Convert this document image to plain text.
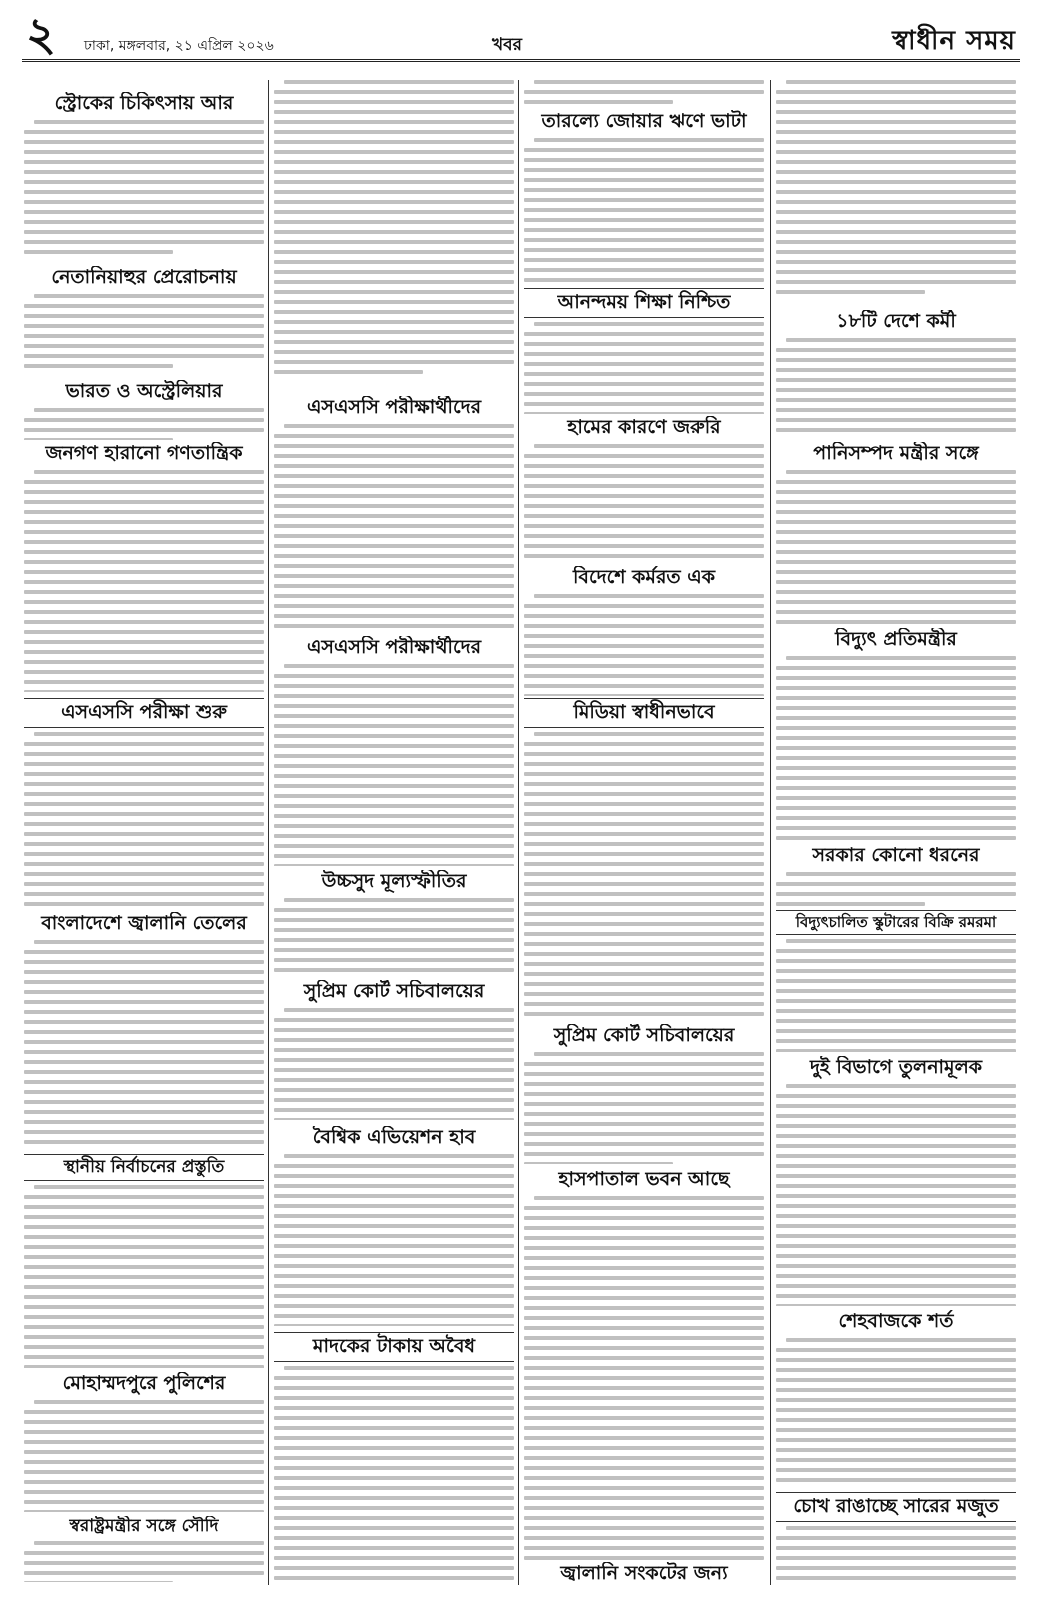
২ ঢাকা, মঙ্গলবার, ২১ এপ্রিল ২০২৬	খবর	স্বাধীন সময়
স্ট্রোকের চিকিৎসায় আর
নেতানিয়াহুর প্রেরোচনায়
ভারত ও অস্ট্রেলিয়ার
জনগণ হারানো গণতান্ত্রিক
এসএসসি পরীক্ষা শুরু
বাংলাদেশে জ্বালানি তেলের
স্থানীয় নির্বাচনের প্রস্তুতি
মোহাম্মদপুরে পুলিশের
স্বরাষ্ট্রমন্ত্রীর সঙ্গে সৌদি
এসএসসি পরীক্ষার্থীদের
এসএসসি পরীক্ষার্থীদের
উচ্চসুদ মূল্যস্ফীতির
সুপ্রিম কোর্ট সচিবালয়ের
বৈশ্বিক এভিয়েশন হাব
মাদকের টাকায় অবৈধ
তারল্যে জোয়ার ঋণে ভাটা
আনন্দময় শিক্ষা নিশ্চিত
হামের কারণে জরুরি
বিদেশে কর্মরত এক
মিডিয়া স্বাধীনভাবে
সুপ্রিম কোর্ট সচিবালয়ের
হাসপাতাল ভবন আছে
জ্বালানি সংকটের জন্য
১৮টি দেশে কর্মী
পানিসম্পদ মন্ত্রীর সঙ্গে
বিদ্যুৎ প্রতিমন্ত্রীর
সরকার কোনো ধরনের
বিদ্যুৎচালিত স্কুটারের বিক্রি রমরমা
দুই বিভাগে তুলনামূলক
শেহবাজকে শর্ত
চোখ রাঙাচ্ছে সারের মজুত
